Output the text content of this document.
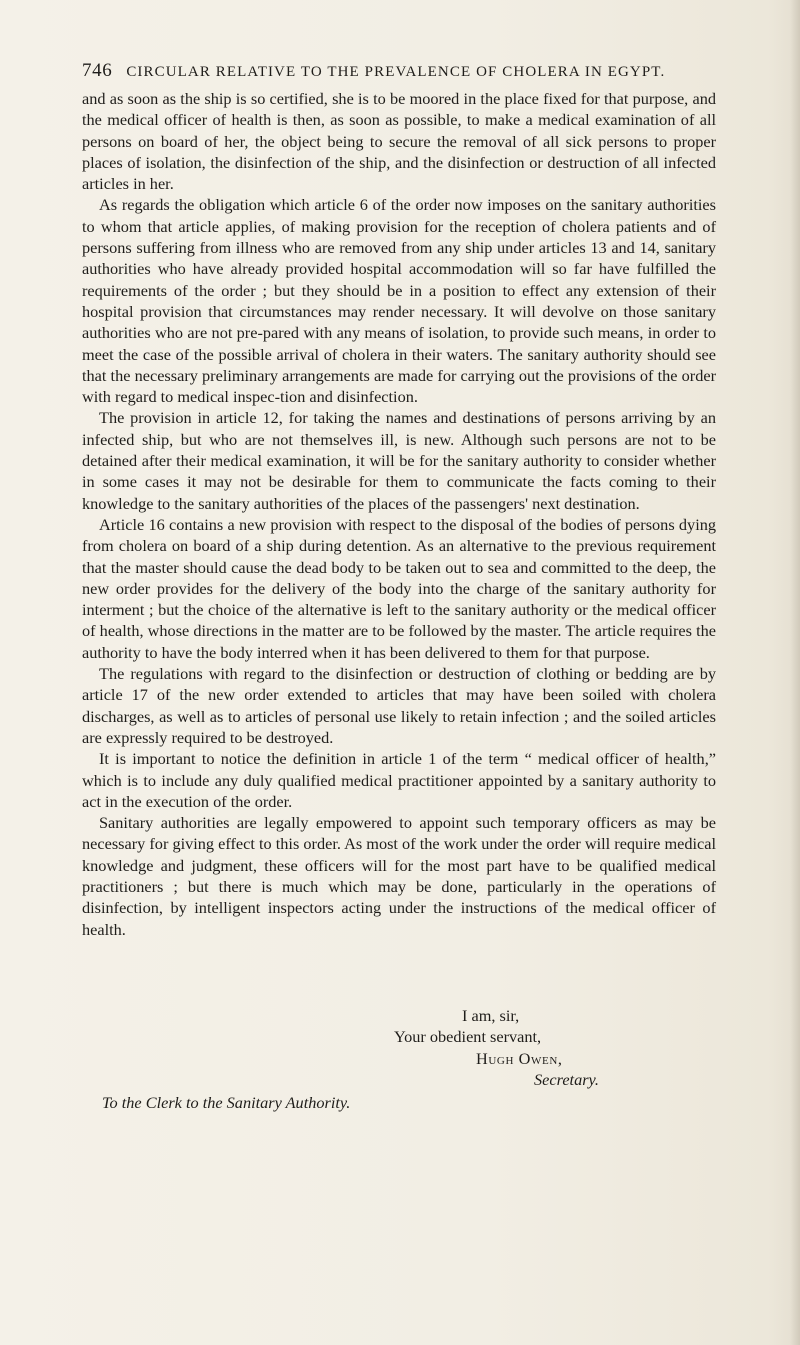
746 CIRCULAR RELATIVE TO THE PREVALENCE OF CHOLERA IN EGYPT.

and as soon as the ship is so certified, she is to be moored in the place fixed for that purpose, and the medical officer of health is then, as soon as possible, to make a medical examination of all persons on board of her, the object being to secure the removal of all sick persons to proper places of isolation, the disinfection of the ship, and the disinfection or destruction of all infected articles in her.

As regards the obligation which article 6 of the order now imposes on the sanitary authorities to whom that article applies, of making provision for the reception of cholera patients and of persons suffering from illness who are removed from any ship under articles 13 and 14, sanitary authorities who have already provided hospital accommodation will so far have fulfilled the requirements of the order ; but they should be in a position to effect any extension of their hospital provision that circumstances may render necessary. It will devolve on those sanitary authorities who are not pre-pared with any means of isolation, to provide such means, in order to meet the case of the possible arrival of cholera in their waters. The sanitary authority should see that the necessary preliminary arrangements are made for carrying out the provisions of the order with regard to medical inspec-tion and disinfection.

The provision in article 12, for taking the names and destinations of persons arriving by an infected ship, but who are not themselves ill, is new. Although such persons are not to be detained after their medical examination, it will be for the sanitary authority to consider whether in some cases it may not be desirable for them to communicate the facts coming to their knowledge to the sanitary authorities of the places of the passengers' next destination.

Article 16 contains a new provision with respect to the disposal of the bodies of persons dying from cholera on board of a ship during detention. As an alternative to the previous requirement that the master should cause the dead body to be taken out to sea and committed to the deep, the new order provides for the delivery of the body into the charge of the sanitary authority for interment ; but the choice of the alternative is left to the sanitary authority or the medical officer of health, whose directions in the matter are to be followed by the master. The article requires the authority to have the body interred when it has been delivered to them for that purpose.

The regulations with regard to the disinfection or destruction of clothing or bedding are by article 17 of the new order extended to articles that may have been soiled with cholera discharges, as well as to articles of personal use likely to retain infection ; and the soiled articles are expressly required to be destroyed.

It is important to notice the definition in article 1 of the term “ medical officer of health,” which is to include any duly qualified medical practitioner appointed by a sanitary authority to act in the execution of the order.

Sanitary authorities are legally empowered to appoint such temporary officers as may be necessary for giving effect to this order. As most of the work under the order will require medical knowledge and judgment, these officers will for the most part have to be qualified medical practitioners ; but there is much which may be done, particularly in the operations of disinfection, by intelligent inspectors acting under the instructions of the medical officer of health.

I am, sir,
Your obedient servant,
Hugh Owen,
Secretary.
To the Clerk to the Sanitary Authority.
